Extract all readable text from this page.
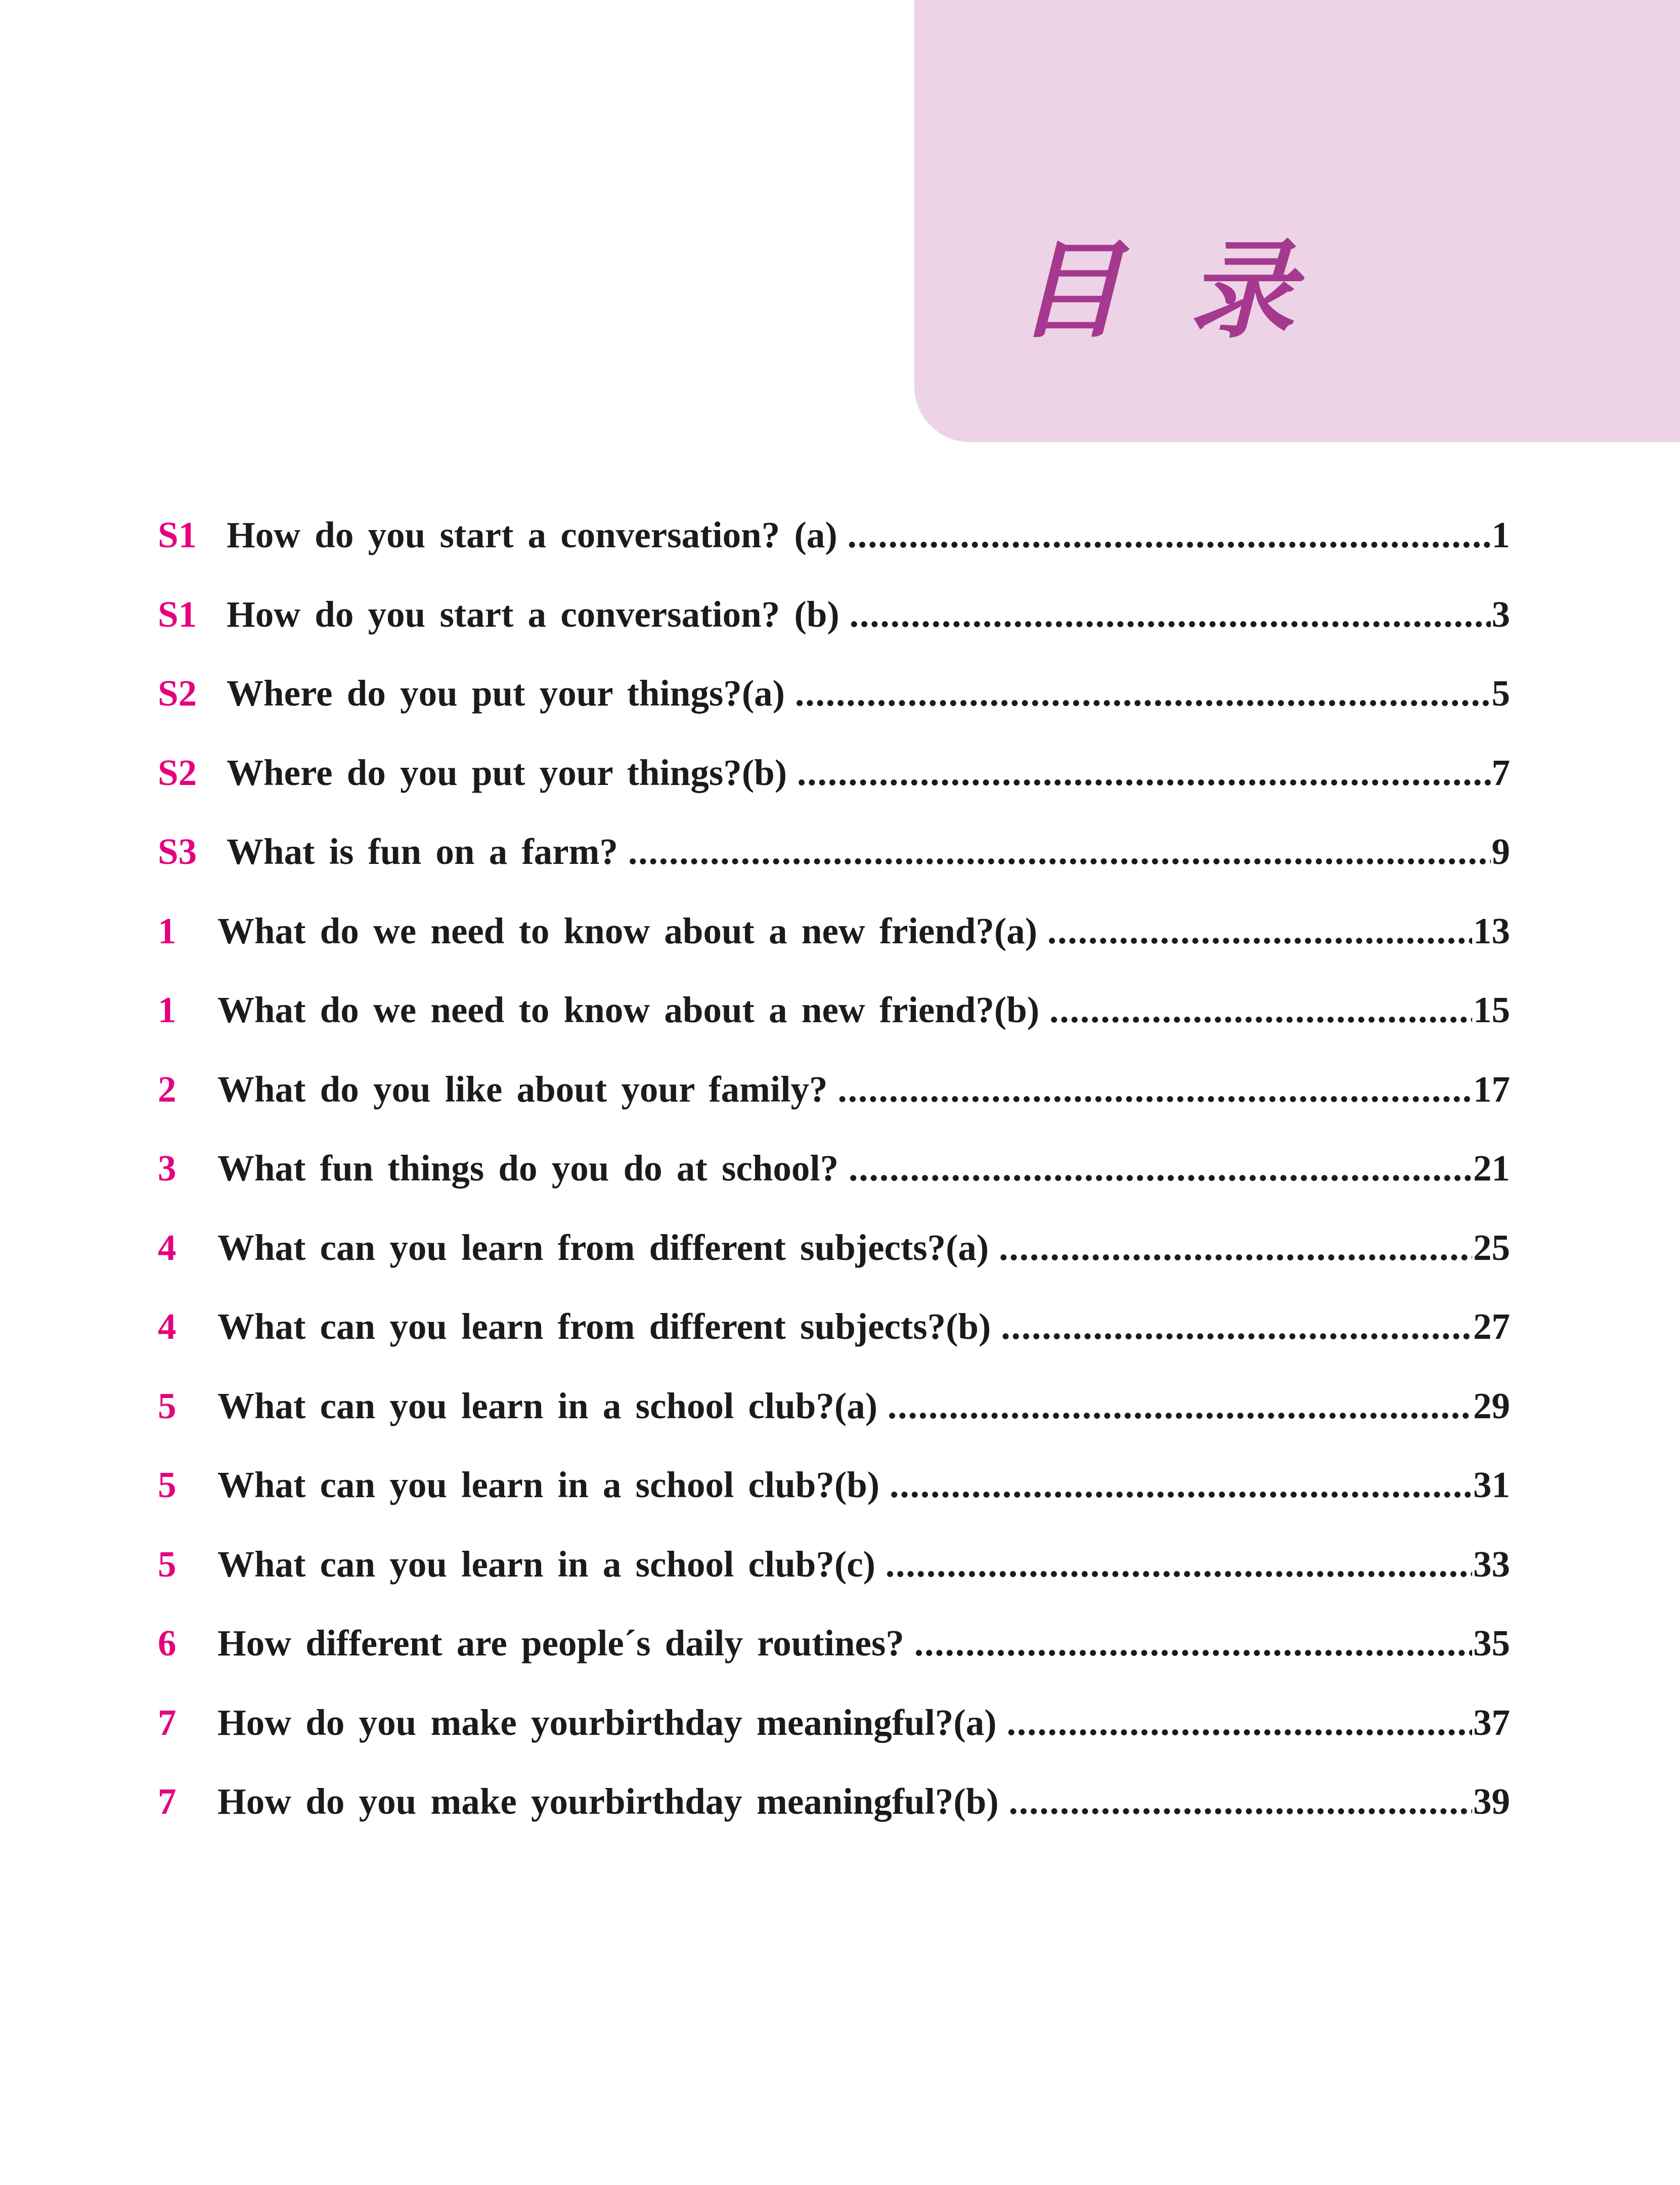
目录
S1 How do you start a conversation? (a) .....	1
S1 How do you start a conversation? (b) .....	3
S2 Where do you put your things?(a) .....	5
S2 Where do you put your things?(b) .....	7
S3 What is fun on a farm? .....	9
1	What do we need to know about a new friend?(a) .....	13
1	What do we need to know about a new friend?(b) .....	15
2	What do you like about your family? .....	17
3	What fun things do you do at school? .....	21
4	What can you learn from different subjects?(a) .....	25
4	What can you learn from different subjects?(b) .....	27
5	What can you learn in a school club?(a) .....	29
5	What can you learn in a school club?(b) .....	31
5	What can you learn in a school club?(c) .....	33
6	How different are people´s daily routines? .....	35
7	How do you make yourbirthday meaningful?(a) .....	37
7	How do you make yourbirthday meaningful?(b) .....	39
